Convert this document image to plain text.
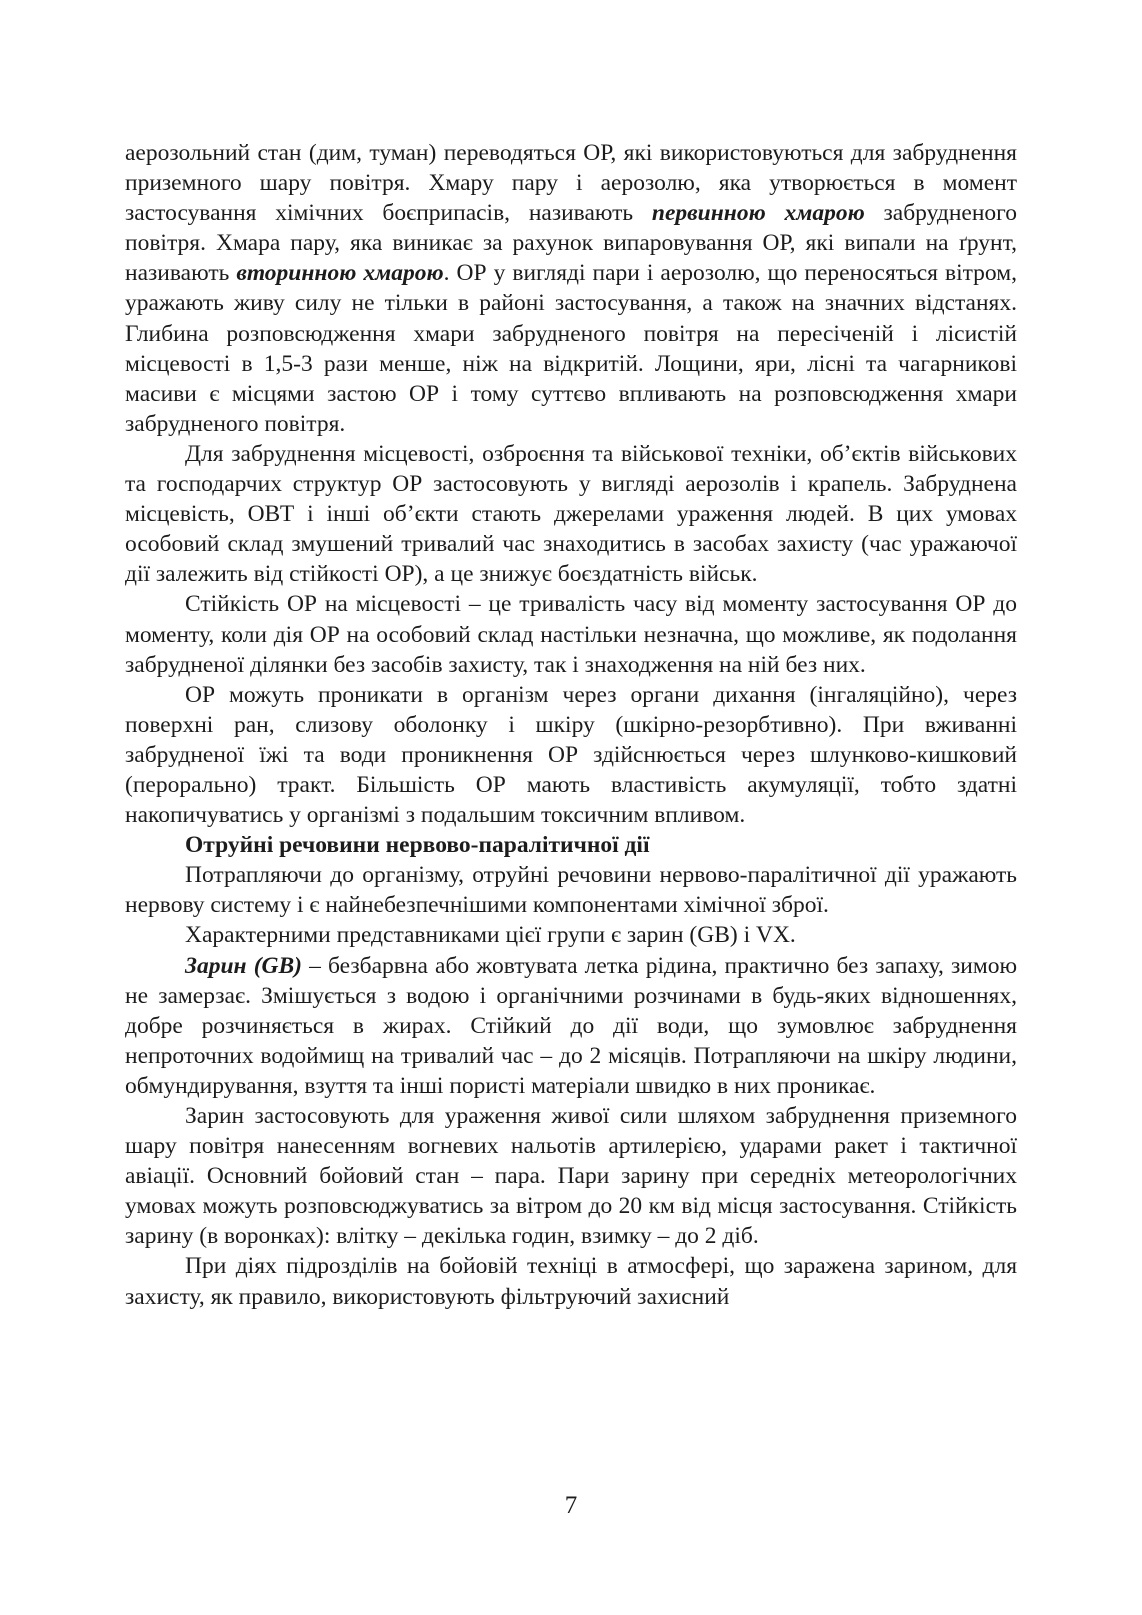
аерозольний стан (дим, туман) переводяться ОР, які використовуються для забруднення приземного шару повітря. Хмару пару і аерозолю, яка утворюється в момент застосування хімічних боєприпасів, називають первинною хмарою забрудненого повітря. Хмара пару, яка виникає за рахунок випаровування ОР, які випали на ґрунт, називають вторинною хмарою. ОР у вигляді пари і аерозолю, що переносяться вітром, уражають живу силу не тільки в районі застосування, а також на значних відстанях. Глибина розповсюдження хмари забрудненого повітря на пересіченій і лісистій місцевості в 1,5-3 рази менше, ніж на відкритій. Лощини, яри, лісні та чагарникові масиви є місцями застою ОР і тому суттєво впливають на розповсюдження хмари забрудненого повітря.

Для забруднення місцевості, озброєння та військової техніки, об’єктів військових та господарчих структур ОР застосовують у вигляді аерозолів і крапель. Забруднена місцевість, ОВТ і інші об’єкти стають джерелами ураження людей. В цих умовах особовий склад змушений тривалий час знаходитись в засобах захисту (час уражаючої дії залежить від стійкості ОР), а це знижує боєздатність військ.

Стійкість ОР на місцевості – це тривалість часу від моменту застосування ОР до моменту, коли дія ОР на особовий склад настільки незначна, що можливе, як подолання забрудненої ділянки без засобів захисту, так і знаходження на ній без них.

ОР можуть проникати в організм через органи дихання (інгаляційно), через поверхні ран, слизову оболонку і шкіру (шкірно-резорбтивно). При вживанні забрудненої їжі та води проникнення ОР здійснюється через шлунково-кишковий (перорально) тракт. Більшість ОР мають властивість акумуляції, тобто здатні накопичуватись у організмі з подальшим токсичним впливом.

Отруйні речовини нервово-паралітичної дії

Потрапляючи до організму, отруйні речовини нервово-паралітичної дії уражають нервову систему і є найнебезпечнішими компонентами хімічної зброї.

Характерними представниками цієї групи є зарин (GB) і VX.

Зарин (GB) – безбарвна або жовтувата летка рідина, практично без запаху, зимою не замерзає. Змішується з водою і органічними розчинами в будь-яких відношеннях, добре розчиняється в жирах. Стійкий до дії води, що зумовлює забруднення непроточних водоймищ на тривалий час – до 2 місяців. Потрапляючи на шкіру людини, обмундирування, взуття та інші пористі матеріали швидко в них проникає.

Зарин застосовують для ураження живої сили шляхом забруднення приземного шару повітря нанесенням вогневих нальотів артилерією, ударами ракет і тактичної авіації. Основний бойовий стан – пара. Пари зарину при середніх метеорологічних умовах можуть розповсюджуватись за вітром до 20 км від місця застосування. Стійкість зарину (в воронках): влітку – декілька годин, взимку – до 2 діб.

При діях підрозділів на бойовій техніці в атмосфері, що заражена зарином, для захисту, як правило, використовують фільтруючий захисний

7
